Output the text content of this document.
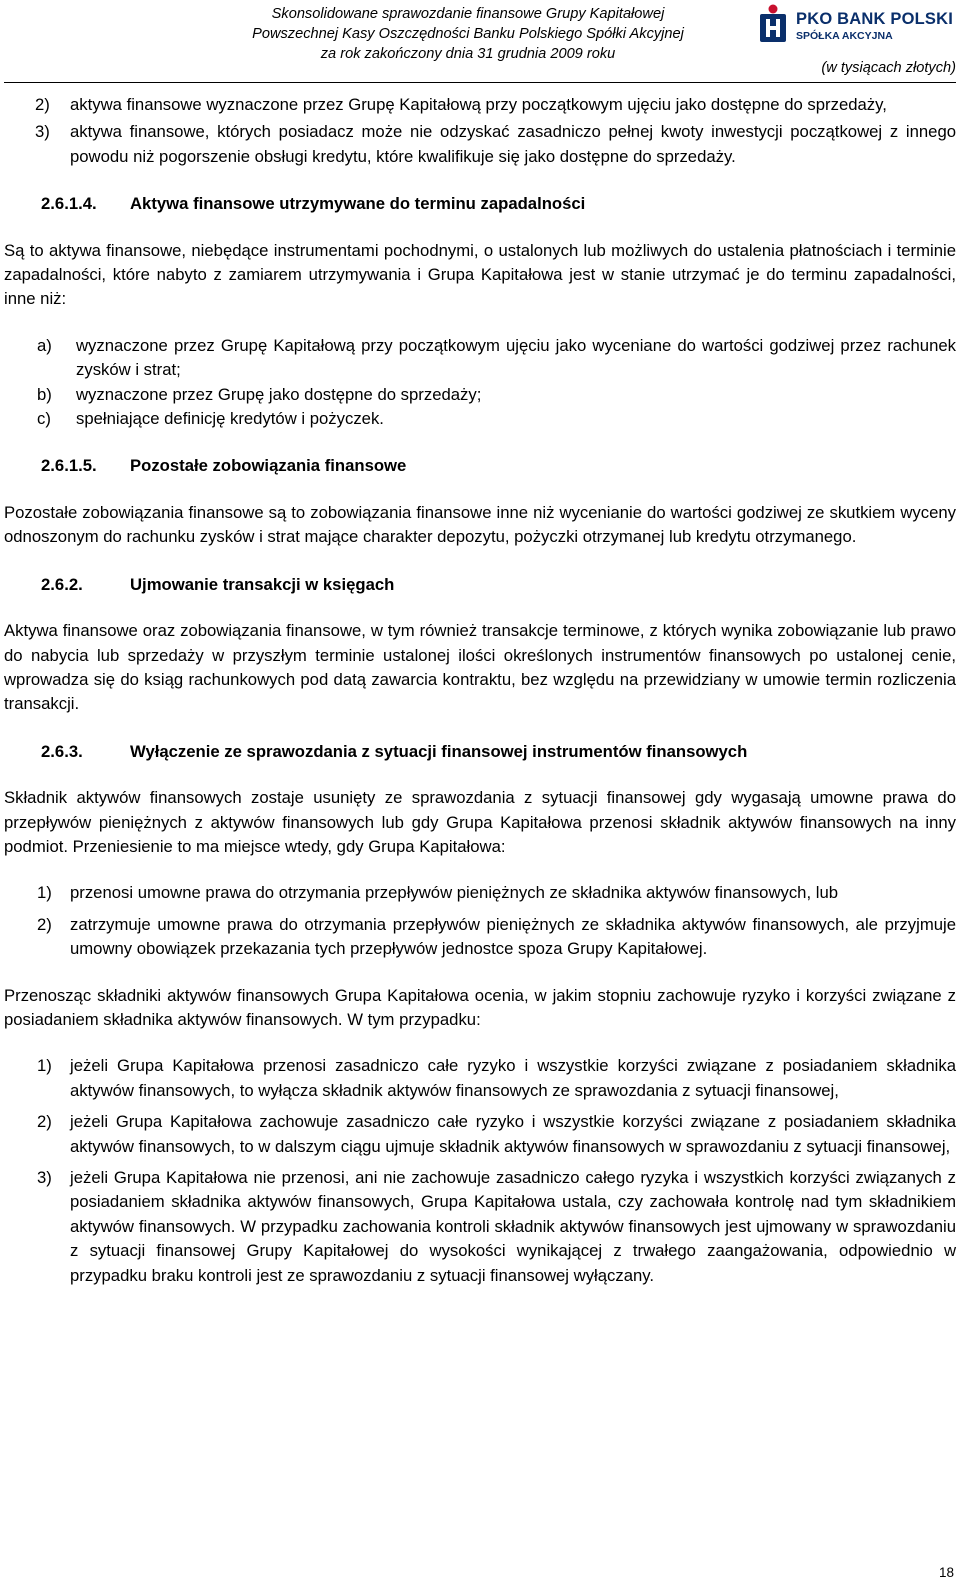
Skonsolidowane sprawozdanie finansowe Grupy Kapitałowej
Powszechnej Kasy Oszczędności Banku Polskiego Spółki Akcyjnej
za rok zakończony dnia 31 grudnia 2009 roku
PKO BANK POLSKI
SPÓŁKA AKCYJNA
(w tysiącach złotych)
2) aktywa finansowe wyznaczone przez Grupę Kapitałową przy początkowym ujęciu jako dostępne do sprzedaży,
3) aktywa finansowe, których posiadacz może nie odzyskać zasadniczo pełnej kwoty inwestycji początkowej z innego powodu niż pogorszenie obsługi kredytu, które kwalifikuje się jako dostępne do sprzedaży.
2.6.1.4. Aktywa finansowe utrzymywane do terminu zapadalności

Są to aktywa finansowe, niebędące instrumentami pochodnymi, o ustalonych lub możliwych do ustalenia płatnościach i terminie zapadalności, które nabyto z zamiarem utrzymywania i Grupa Kapitałowa jest w stanie utrzymać je do terminu zapadalności, inne niż:

a) wyznaczone przez Grupę Kapitałową przy początkowym ujęciu jako wyceniane do wartości godziwej przez rachunek zysków i strat;
b) wyznaczone przez Grupę jako dostępne do sprzedaży;
c) spełniające definicję kredytów i pożyczek.
2.6.1.5. Pozostałe zobowiązania finansowe

Pozostałe zobowiązania finansowe są to zobowiązania finansowe inne niż wycenianie do wartości godziwej ze skutkiem wyceny odnoszonym do rachunku zysków i strat mające charakter depozytu, pożyczki otrzymanej lub kredytu otrzymanego.

2.6.2.	Ujmowanie transakcji w księgach

Aktywa finansowe oraz zobowiązania finansowe, w tym również transakcje terminowe, z których wynika zobowiązanie lub prawo do nabycia lub sprzedaży w przyszłym terminie ustalonej ilości określonych instrumentów finansowych po ustalonej cenie, wprowadza się do ksiąg rachunkowych pod datą zawarcia kontraktu, bez względu na przewidziany w umowie termin rozliczenia transakcji.

2.6.3.	Wyłączenie ze sprawozdania z sytuacji finansowej instrumentów finansowych

Składnik aktywów finansowych zostaje usunięty ze sprawozdania z sytuacji finansowej gdy wygasają umowne prawa do przepływów pieniężnych z aktywów finansowych lub gdy Grupa Kapitałowa przenosi składnik aktywów finansowych na inny podmiot. Przeniesienie to ma miejsce wtedy, gdy Grupa Kapitałowa:

1) przenosi umowne prawa do otrzymania przepływów pieniężnych ze składnika aktywów finansowych, lub
2) zatrzymuje umowne prawa do otrzymania przepływów pieniężnych ze składnika aktywów finansowych, ale przyjmuje umowny obowiązek przekazania tych przepływów jednostce spoza Grupy Kapitałowej.

Przenosząc składniki aktywów finansowych Grupa Kapitałowa ocenia, w jakim stopniu zachowuje ryzyko i korzyści związane z posiadaniem składnika aktywów finansowych. W tym przypadku:

1) jeżeli Grupa Kapitałowa przenosi zasadniczo całe ryzyko i wszystkie korzyści związane z posiadaniem składnika aktywów finansowych, to wyłącza składnik aktywów finansowych ze sprawozdania z sytuacji finansowej,
2) jeżeli Grupa Kapitałowa zachowuje zasadniczo całe ryzyko i wszystkie korzyści związane z posiadaniem składnika aktywów finansowych, to w dalszym ciągu ujmuje składnik aktywów finansowych w sprawozdaniu z sytuacji finansowej,
3) jeżeli Grupa Kapitałowa nie przenosi, ani nie zachowuje zasadniczo całego ryzyka i wszystkich korzyści związanych z posiadaniem składnika aktywów finansowych, Grupa Kapitałowa ustala, czy zachowała kontrolę nad tym składnikiem aktywów finansowych. W przypadku zachowania kontroli składnik aktywów finansowych jest ujmowany w sprawozdaniu z sytuacji finansowej Grupy Kapitałowej do wysokości wynikającej z trwałego zaangażowania, odpowiednio w przypadku braku kontroli jest ze sprawozdaniu z sytuacji finansowej wyłączany.
18
